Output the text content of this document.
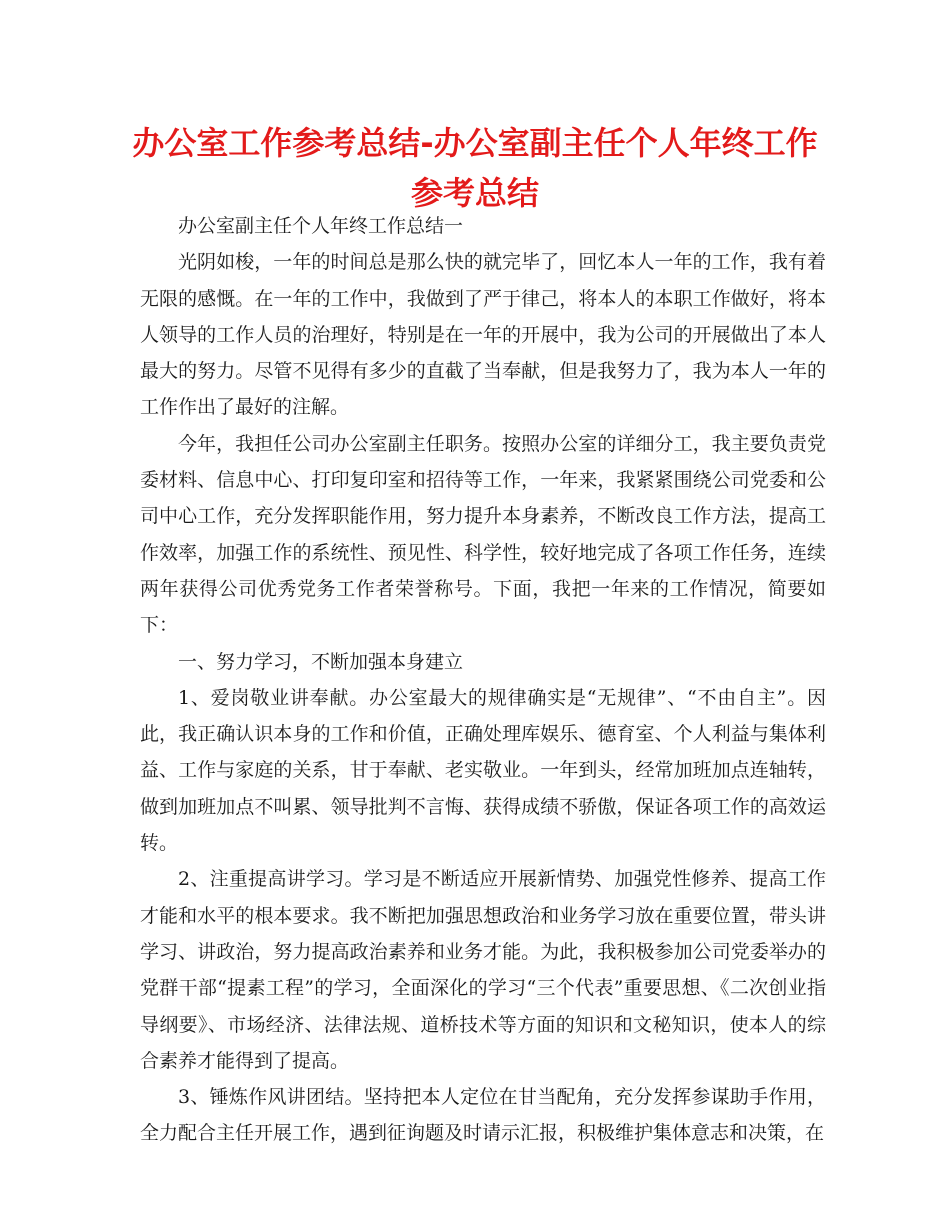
办公室工作参考总结-办公室副主任个人年终工作参考总结

办公室副主任个人年终工作总结一

光阴如梭，一年的时间总是那么快的就完毕了，回忆本人一年的工作，我有着无限的感慨。在一年的工作中，我做到了严于律己，将本人的本职工作做好，将本人领导的工作人员的治理好，特别是在一年的开展中，我为公司的开展做出了本人最大的努力。尽管不见得有多少的直截了当奉献，但是我努力了，我为本人一年的工作作出了最好的注解。

今年，我担任公司办公室副主任职务。按照办公室的详细分工，我主要负责党委材料、信息中心、打印复印室和招待等工作，一年来，我紧紧围绕公司党委和公司中心工作，充分发挥职能作用，努力提升本身素养，不断改良工作方法，提高工作效率，加强工作的系统性、预见性、科学性，较好地完成了各项工作任务，连续两年获得公司优秀党务工作者荣誉称号。下面，我把一年来的工作情况，简要如下：

一、努力学习，不断加强本身建立

1、爱岗敬业讲奉献。办公室最大的规律确实是“无规律”、“不由自主”。因此，我正确认识本身的工作和价值，正确处理库娱乐、德育室、个人利益与集体利益、工作与家庭的关系，甘于奉献、老实敬业。一年到头，经常加班加点连轴转，做到加班加点不叫累、领导批判不言悔、获得成绩不骄傲，保证各项工作的高效运转。

2、注重提高讲学习。学习是不断适应开展新情势、加强党性修养、提高工作才能和水平的根本要求。我不断把加强思想政治和业务学习放在重要位置，带头讲学习、讲政治，努力提高政治素养和业务才能。为此，我积极参加公司党委举办的党群干部“提素工程”的学习，全面深化的学习“三个代表”重要思想、《二次创业指导纲要》、市场经济、法律法规、道桥技术等方面的知识和文秘知识，使本人的综合素养才能得到了提高。

3、锤炼作风讲团结。坚持把本人定位在甘当配角，充分发挥参谋助手作用，全力配合主任开展工作，遇到征询题及时请示汇报，积极维护集体意志和决策，在
